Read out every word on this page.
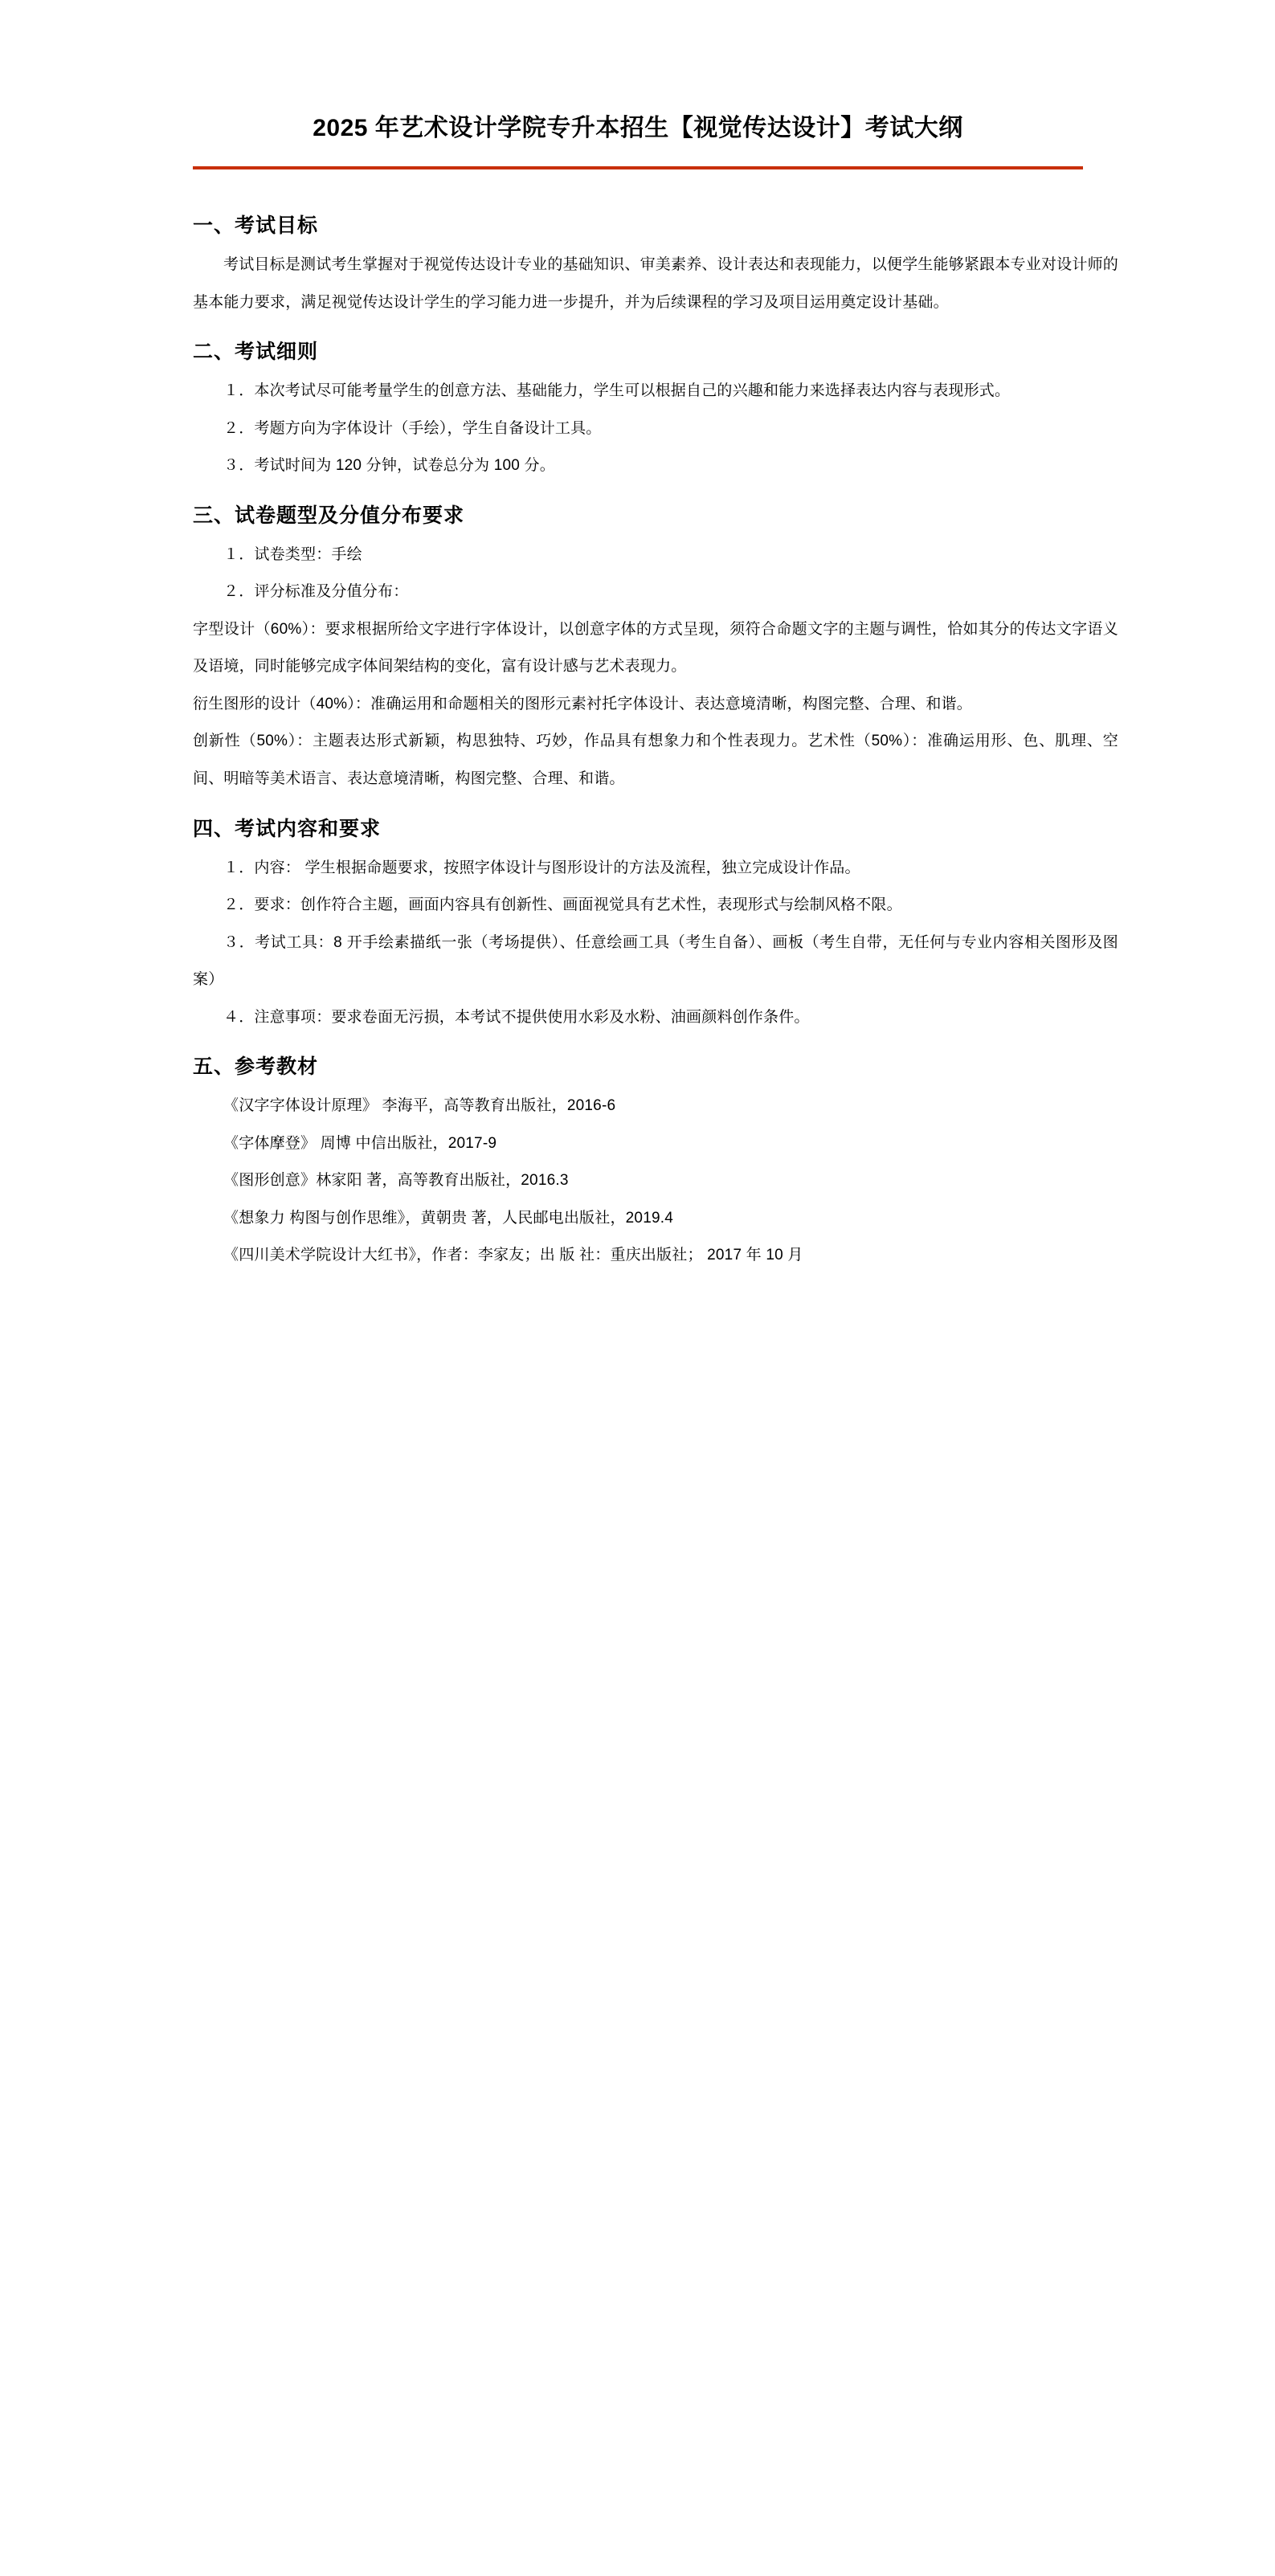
2025 年艺术设计学院专升本招生【视觉传达设计】考试大纲
一、考试目标

考试目标是测试考生掌握对于视觉传达设计专业的基础知识、审美素养、设计表达和表现能力，以便学生能够紧跟本专业对设计师的基本能力要求，满足视觉传达设计学生的学习能力进一步提升，并为后续课程的学习及项目运用奠定设计基础。

二、考试细则

１．本次考试尽可能考量学生的创意方法、基础能力，学生可以根据自己的兴趣和能力来选择表达内容与表现形式。

２．考题方向为字体设计（手绘），学生自备设计工具。

３．考试时间为 120 分钟，试卷总分为 100 分。

三、试卷题型及分值分布要求

１．试卷类型：手绘

２．评分标准及分值分布：

字型设计（60%）：要求根据所给文字进行字体设计，以创意字体的方式呈现，须符合命题文字的主题与调性，恰如其分的传达文字语义及语境，同时能够完成字体间架结构的变化，富有设计感与艺术表现力。

衍生图形的设计（40%）：准确运用和命题相关的图形元素衬托字体设计、表达意境清晰，构图完整、合理、和谐。

创新性（50%）：主题表达形式新颖，构思独特、巧妙，作品具有想象力和个性表现力。艺术性（50%）：准确运用形、色、肌理、空间、明暗等美术语言、表达意境清晰，构图完整、合理、和谐。

四、考试内容和要求

１．内容： 学生根据命题要求，按照字体设计与图形设计的方法及流程，独立完成设计作品。

２．要求：创作符合主题，画面内容具有创新性、画面视觉具有艺术性，表现形式与绘制风格不限。

３．考试工具：8 开手绘素描纸一张（考场提供）、任意绘画工具（考生自备）、画板（考生自带，无任何与专业内容相关图形及图案）

４．注意事项：要求卷面无污损，本考试不提供使用水彩及水粉、油画颜料创作条件。

五、参考教材

《汉字字体设计原理》 李海平，高等教育出版社，2016-6

《字体摩登》 周博 中信出版社，2017-9

《图形创意》林家阳 著，高等教育出版社，2016.3

《想象力 构图与创作思维》，黄朝贵 著，人民邮电出版社，2019.4

《四川美术学院设计大红书》，作者：李家友；出 版 社：重庆出版社； 2017 年 10 月
